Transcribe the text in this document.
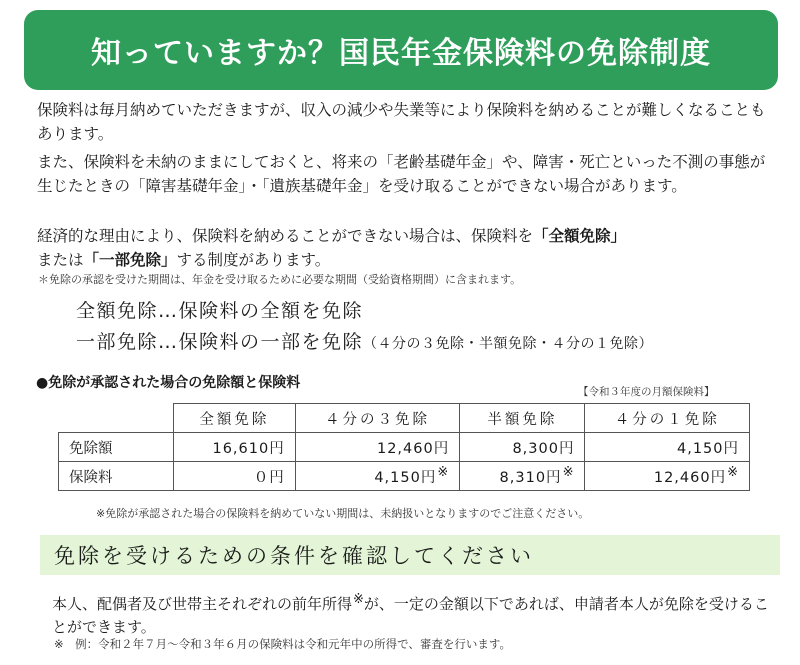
知っていますか？国民年金保険料の免除制度
保険料は毎月納めていただきますが、収入の減少や失業等により保険料を納めることが難しくなることもあります。
また、保険料を未納のままにしておくと、将来の「老齢基礎年金」や、障害・死亡といった不測の事態が生じたときの「障害基礎年金」・「遺族基礎年金」を受け取ることができない場合があります。
経済的な理由により、保険料を納めることができない場合は、保険料を「全額免除」
または「一部免除」する制度があります。
＊免除の承認を受けた期間は、年金を受け取るために必要な期間（受給資格期間）に含まれます。
全額免除…保険料の全額を免除
一部免除…保険料の一部を免除（４分の３免除・半額免除・４分の１免除）
●免除が承認された場合の免除額と保険料
【令和３年度の月額保険料】
	全額免除	４分の３免除	半額免除	４分の１免除
免除額	16,610円	12,460円	8,300円	4,150円
保険料	０円	4,150円※	8,310円※	12,460円※
※免除が承認された場合の保険料を納めていない期間は、未納扱いとなりますのでご注意ください。
免除を受けるための条件を確認してください
本人、配偶者及び世帯主それぞれの前年所得※が、一定の金額以下であれば、申請者本人が免除を受けることができます。
※　例：令和２年７月～令和３年６月の保険料は令和元年中の所得で、審査を行います。
